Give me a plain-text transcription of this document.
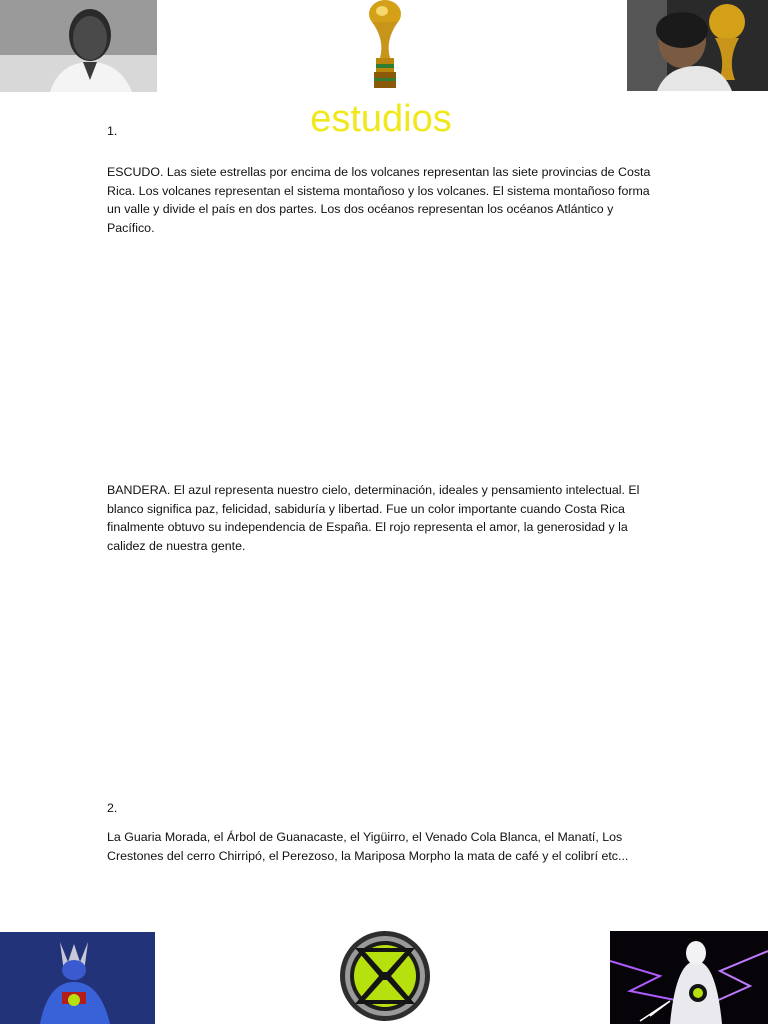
estudios

1.

ESCUDO. Las siete estrellas por encima de los volcanes representan las siete provincias de Costa Rica. Los volcanes representan el sistema montañoso y los volcanes. El sistema montañoso forma un valle y divide el país en dos partes. Los dos océanos representan los océanos Atlántico y Pacífico.

BANDERA. El azul representa nuestro cielo, determinación, ideales y pensamiento intelectual. El blanco significa paz, felicidad, sabiduría y libertad. Fue un color importante cuando Costa Rica finalmente obtuvo su independencia de España. El rojo representa el amor, la generosidad y la calidez de nuestra gente.

2.

La Guaria Morada, el Árbol de Guanacaste, el Yigüirro, el Venado Cola Blanca, el Manatí, Los Crestones del cerro Chirripó, el Perezoso, la Mariposa Morpho la mata de café y el colibrí etc...
